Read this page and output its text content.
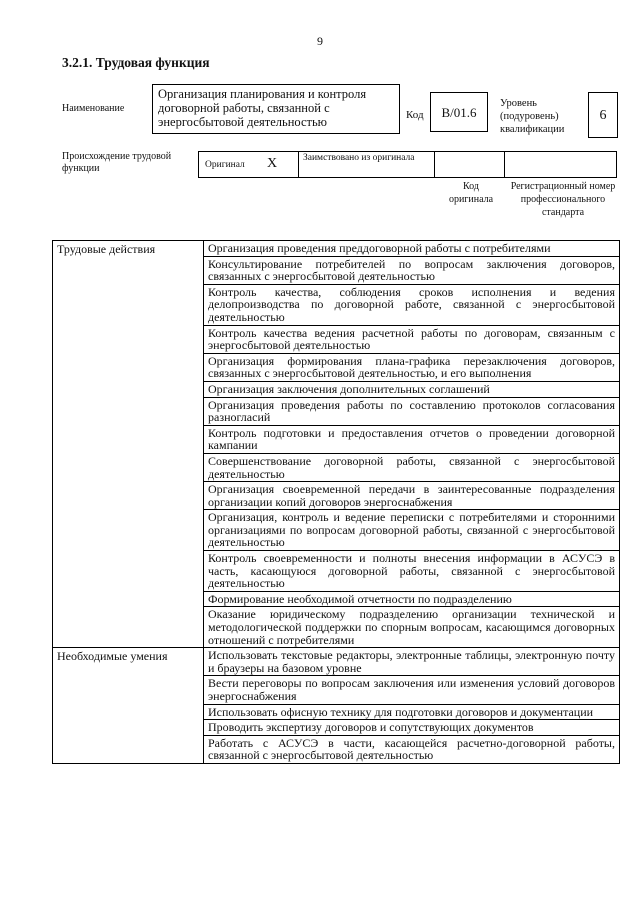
9
3.2.1. Трудовая функция
Наименование
Организация планирования и контроля договорной работы, связанной с энергосбытовой деятельностью	Код	В/01.6
Уровень (подуровень) квалификации
6
Происхождение трудовой функции	Оригинал X	Заимствовано из оригинала
Код оригинала
Регистрационный номер профессионального стандарта
Трудовые действия	Организация проведения преддоговорной работы с потребителями
	Консультирование потребителей по вопросам заключения договоров, связанных с энергосбытовой деятельностью
	Контроль качества, соблюдения сроков исполнения и ведения делопроизводства по договорной работе, связанной с энергосбытовой деятельностью
	Контроль качества ведения расчетной работы по договорам, связанным с энергосбытовой деятельностью
	Организация формирования плана-графика перезаключения договоров, связанных с энергосбытовой деятельностью, и его выполнения
	Организация заключения дополнительных соглашений
	Организация проведения работы по составлению протоколов согласования разногласий
	Контроль подготовки и предоставления отчетов о проведении договорной кампании
	Совершенствование договорной работы, связанной с энергосбытовой деятельностью
	Организация своевременной передачи в заинтересованные подразделения организации копий договоров энергоснабжения
	Организация, контроль и ведение переписки с потребителями и сторонними организациями по вопросам договорной работы, связанной с энергосбытовой деятельностью
	Контроль своевременности и полноты внесения информации в АСУСЭ в часть, касающуюся договорной работы, связанной с энергосбытовой деятельностью
	Формирование необходимой отчетности по подразделению
	Оказание юридическому подразделению организации технической и методологической поддержки по спорным вопросам, касающимся договорных отношений с потребителями
Необходимые умения	Использовать текстовые редакторы, электронные таблицы, электронную почту и браузеры на базовом уровне
	Вести переговоры по вопросам заключения или изменения условий договоров энергоснабжения
	Использовать офисную технику для подготовки договоров и документации
	Проводить экспертизу договоров и сопутствующих документов
	Работать с АСУСЭ в части, касающейся расчетно-договорной работы, связанной с энергосбытовой деятельностью
